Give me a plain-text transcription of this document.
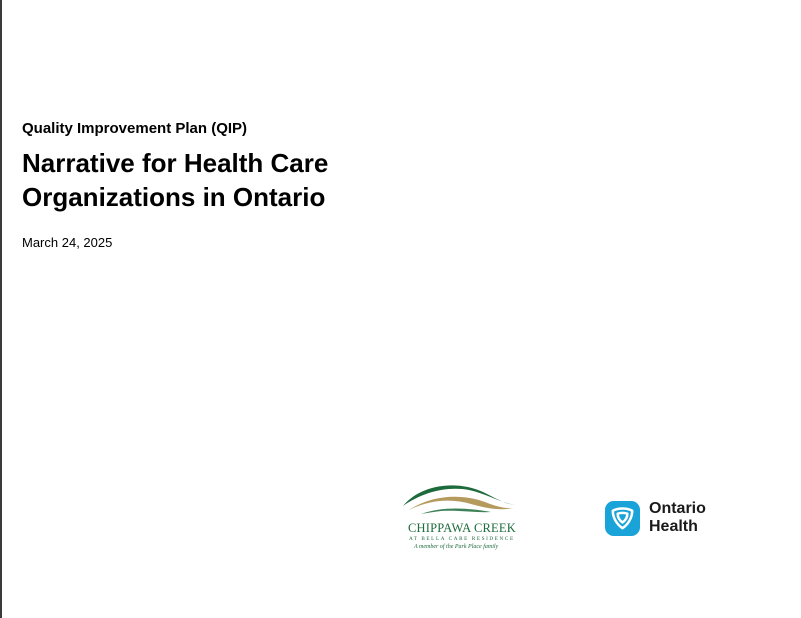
Quality Improvement Plan (QIP)
Narrative for Health Care
Organizations in Ontario
March 24, 2025
CHIPPAWA CREEK
AT BELLA CARE RESIDENCE
A member of the Park Place family
Ontario
Health
